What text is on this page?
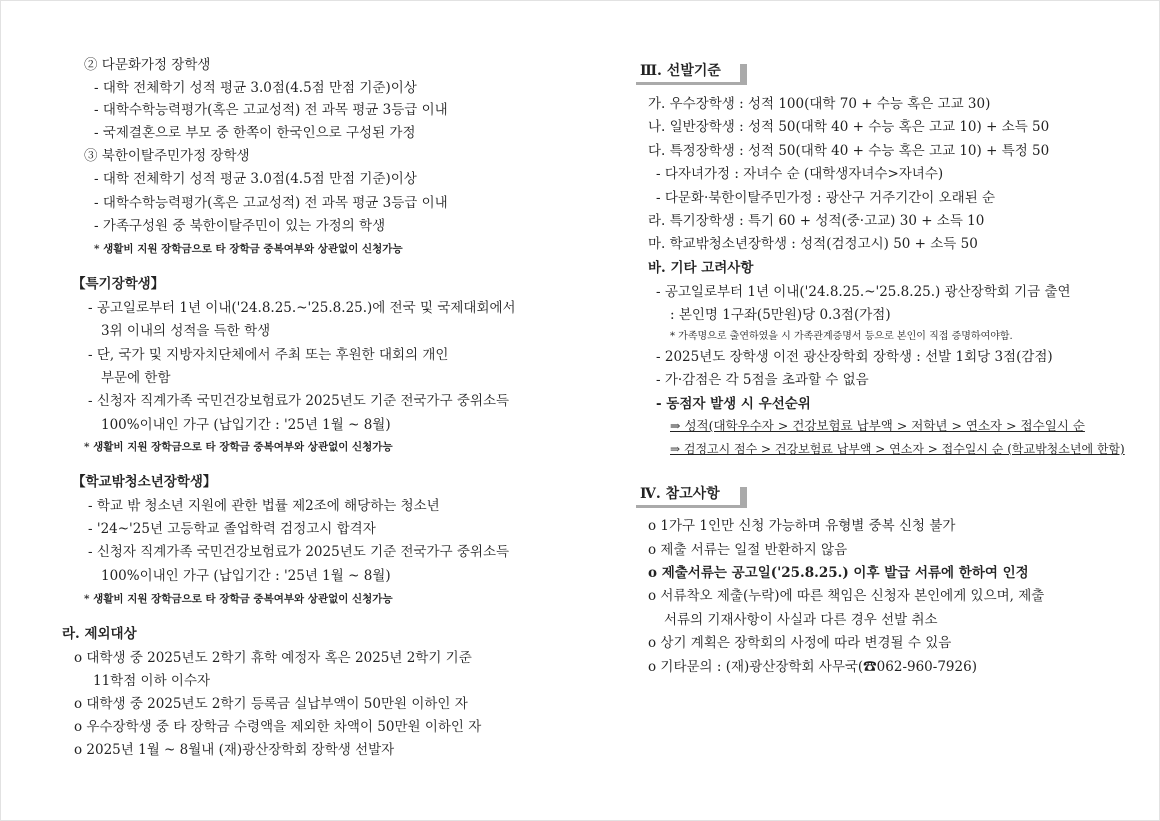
② 다문화가정 장학생
- 대학 전체학기 성적 평균 3.0점(4.5점 만점 기준)이상
- 대학수학능력평가(혹은 고교성적) 전 과목 평균 3등급 이내
- 국제결혼으로 부모 중 한쪽이 한국인으로 구성된 가정
③ 북한이탈주민가정 장학생
- 대학 전체학기 성적 평균 3.0점(4.5점 만점 기준)이상
- 대학수학능력평가(혹은 고교성적) 전 과목 평균 3등급 이내
- 가족구성원 중 북한이탈주민이 있는 가정의 학생
* 생활비 지원 장학금으로 타 장학금 중복여부와 상관없이 신청가능
【특기장학생】
- 공고일로부터 1년 이내('24.8.25.~'25.8.25.)에 전국 및 국제대회에서
3위 이내의 성적을 득한 학생
- 단, 국가 및 지방자치단체에서 주최 또는 후원한 대회의 개인
부문에 한함
- 신청자 직계가족 국민건강보험료가 2025년도 기준 전국가구 중위소득
100%이내인 가구 (납입기간 : '25년 1월 ~ 8월)
* 생활비 지원 장학금으로 타 장학금 중복여부와 상관없이 신청가능
【학교밖청소년장학생】
- 학교 밖 청소년 지원에 관한 법률 제2조에 해당하는 청소년
- '24~'25년 고등학교 졸업학력 검정고시 합격자
- 신청자 직계가족 국민건강보험료가 2025년도 기준 전국가구 중위소득
100%이내인 가구 (납입기간 : '25년 1월 ~ 8월)
* 생활비 지원 장학금으로 타 장학금 중복여부와 상관없이 신청가능
라. 제외대상
o 대학생 중 2025년도 2학기 휴학 예정자 혹은 2025년 2학기 기준
11학점 이하 이수자
o 대학생 중 2025년도 2학기 등록금 실납부액이 50만원 이하인 자
o 우수장학생 중 타 장학금 수령액을 제외한 차액이 50만원 이하인 자
o 2025년 1월 ~ 8월내 (재)광산장학회 장학생 선발자
Ⅲ. 선발기준
가. 우수장학생 : 성적 100(대학 70 + 수능 혹은 고교 30)
나. 일반장학생 : 성적 50(대학 40 + 수능 혹은 고교 10) + 소득 50
다. 특정장학생 : 성적 50(대학 40 + 수능 혹은 고교 10) + 특정 50
- 다자녀가정 : 자녀수 순 (대학생자녀수>자녀수)
- 다문화·북한이탈주민가정 : 광산구 거주기간이 오래된 순
라. 특기장학생 : 특기 60 + 성적(중·고교) 30 + 소득 10
마. 학교밖청소년장학생 : 성적(검정고시) 50 + 소득 50
바. 기타 고려사항
- 공고일로부터 1년 이내('24.8.25.~'25.8.25.) 광산장학회 기금 출연
: 본인명 1구좌(5만원)당 0.3점(가점)
* 가족명으로 출연하였을 시 가족관계증명서 등으로 본인이 직접 증명하여야함.
- 2025년도 장학생 이전 광산장학회 장학생 : 선발 1회당 3점(감점)
- 가·감점은 각 5점을 초과할 수 없음
- 동점자 발생 시 우선순위
⇒ 성적(대학우수자 > 건강보험료 납부액 > 저학년 > 연소자 > 접수일시 순
⇒ 검정고시 점수 > 건강보험료 납부액 > 연소자 > 접수일시 순 (학교밖청소년에 한함)
Ⅳ. 참고사항
o 1가구 1인만 신청 가능하며 유형별 중복 신청 불가
o 제출 서류는 일절 반환하지 않음
o 제출서류는 공고일('25.8.25.) 이후 발급 서류에 한하여 인정
o 서류착오 제출(누락)에 따른 책임은 신청자 본인에게 있으며, 제출
서류의 기재사항이 사실과 다른 경우 선발 취소
o 상기 계획은 장학회의 사정에 따라 변경될 수 있음
o 기타문의 : (재)광산장학회 사무국(☎062-960-7926)
